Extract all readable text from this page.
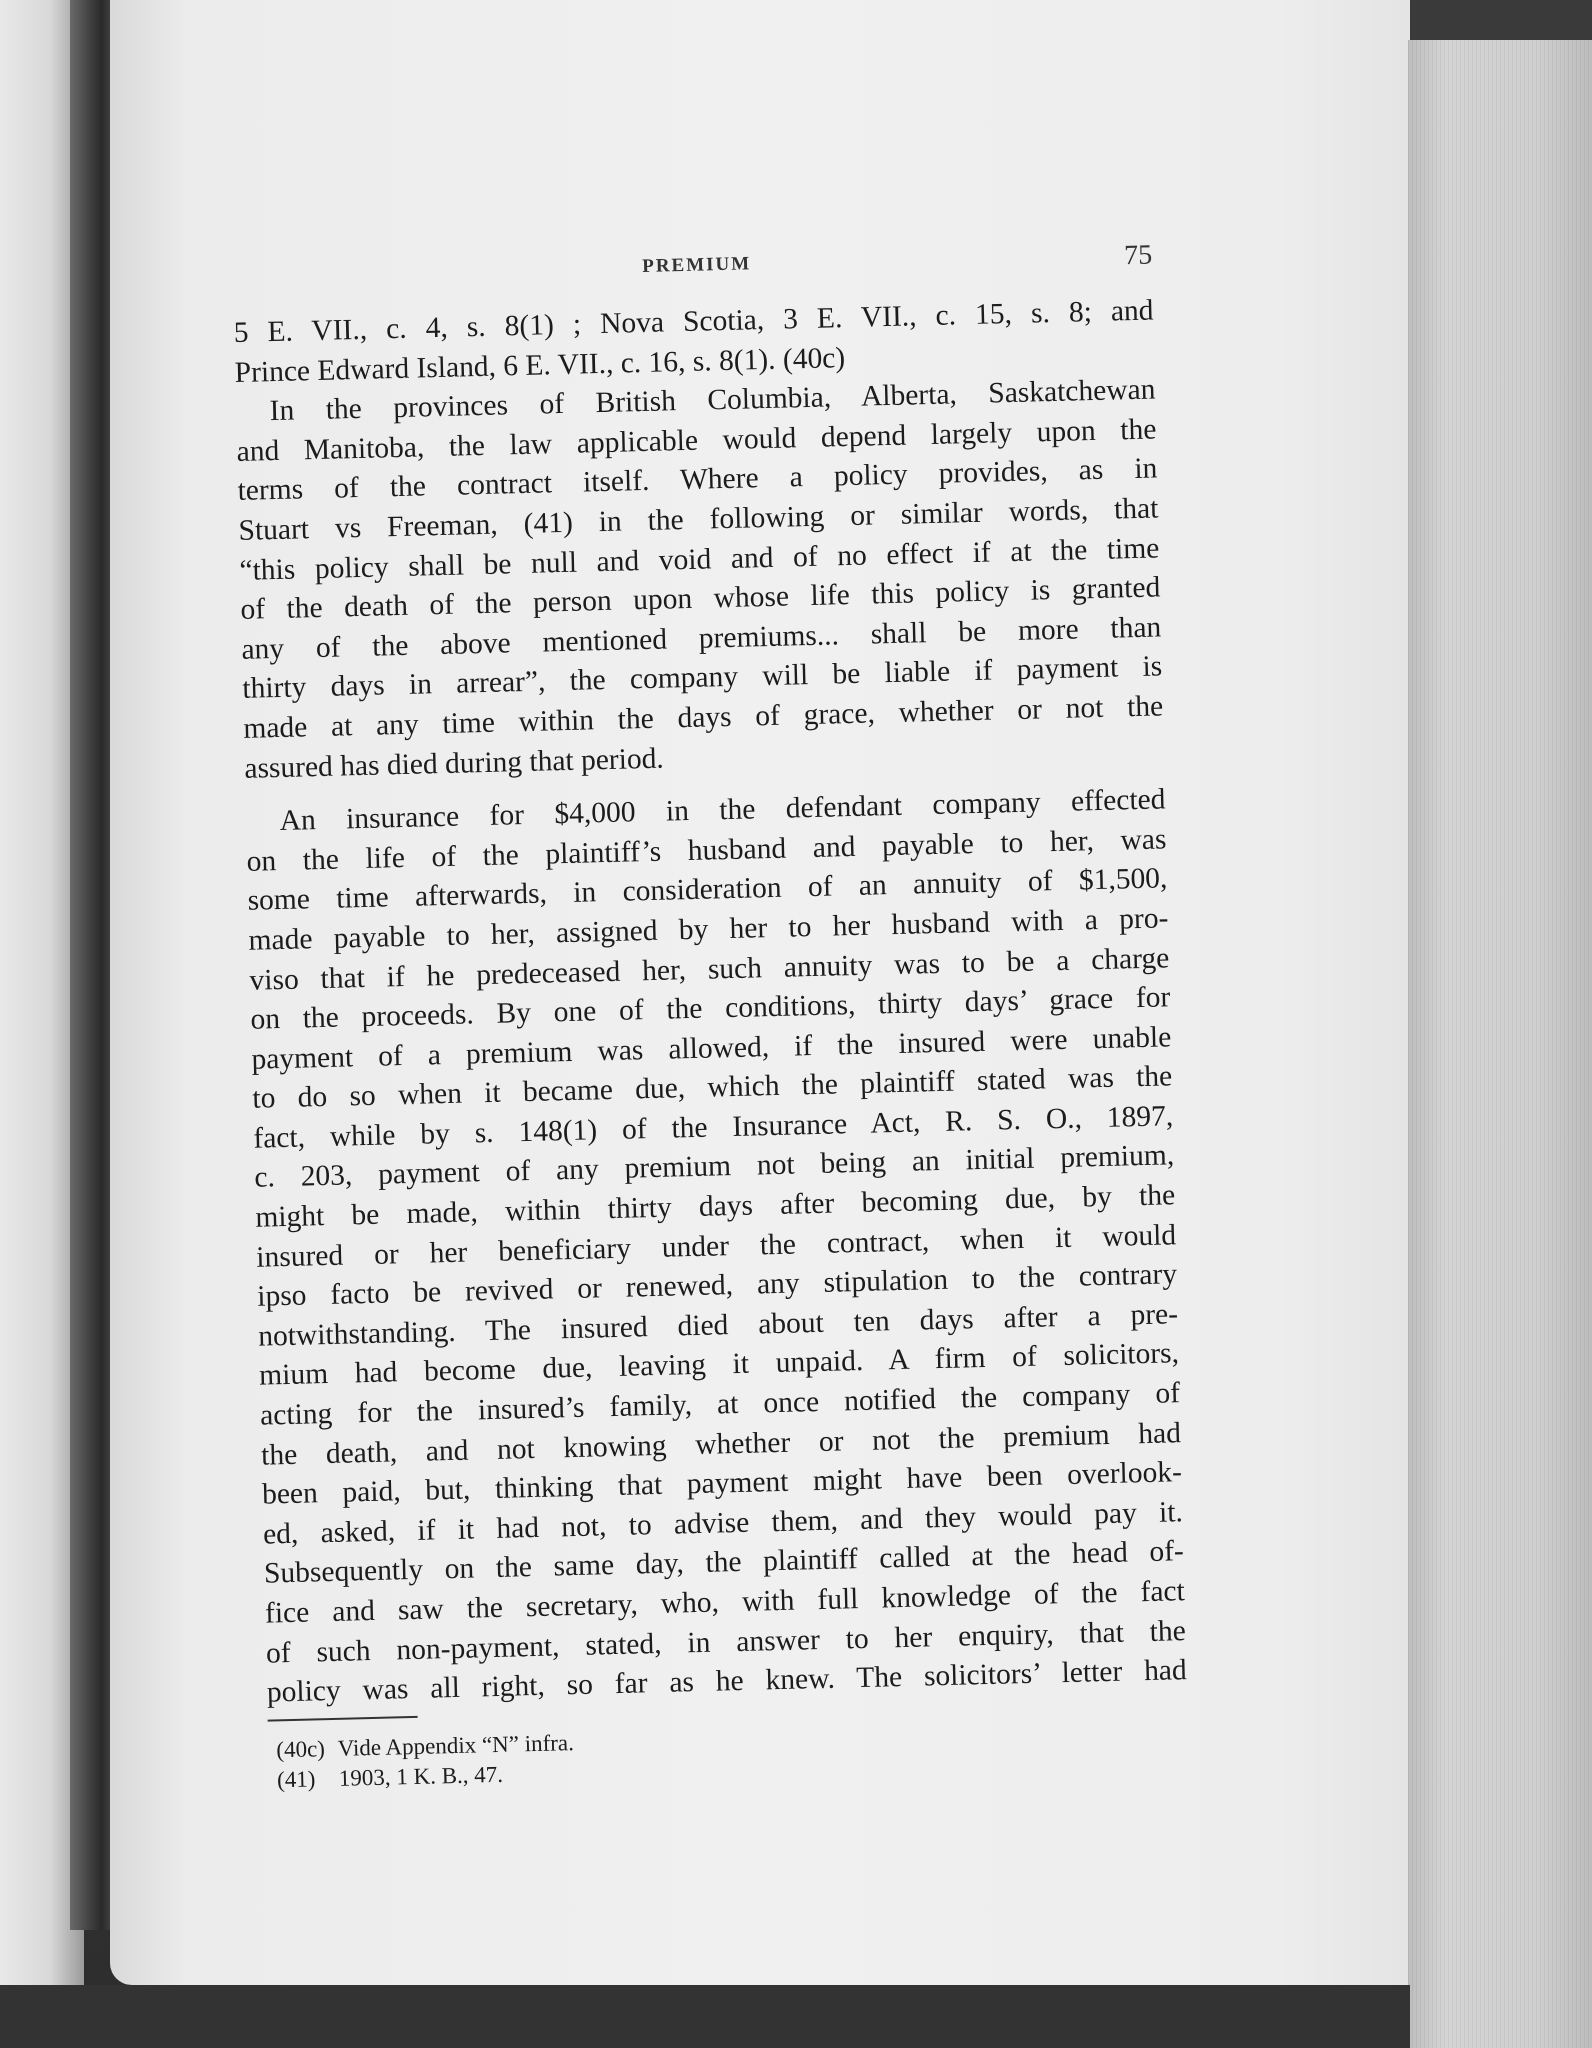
PREMIUM	75

5 E. VII., c. 4, s. 8(1) ; Nova Scotia, 3 E. VII., c. 15, s. 8; and
Prince Edward Island, 6 E. VII., c. 16, s. 8(1). (40c)

In the provinces of British Columbia, Alberta, Saskatchewan
and Manitoba, the law applicable would depend largely upon the
terms of the contract itself. Where a policy provides, as in
Stuart vs Freeman, (41) in the following or similar words, that
“this policy shall be null and void and of no effect if at the time
of the death of the person upon whose life this policy is granted
any of the above mentioned premiums... shall be more than
thirty days in arrear”, the company will be liable if payment is
made at any time within the days of grace, whether or not the
assured has died during that period.

An insurance for $4,000 in the defendant company effected
on the life of the plaintiff’s husband and payable to her, was
some time afterwards, in consideration of an annuity of $1,500,
made payable to her, assigned by her to her husband with a pro-
viso that if he predeceased her, such annuity was to be a charge
on the proceeds. By one of the conditions, thirty days’ grace for
payment of a premium was allowed, if the insured were unable
to do so when it became due, which the plaintiff stated was the
fact, while by s. 148(1) of the Insurance Act, R. S. O., 1897,
c. 203, payment of any premium not being an initial premium,
might be made, within thirty days after becoming due, by the
insured or her beneficiary under the contract, when it would
ipso facto be revived or renewed, any stipulation to the contrary
notwithstanding. The insured died about ten days after a pre-
mium had become due, leaving it unpaid. A firm of solicitors,
acting for the insured’s family, at once notified the company of
the death, and not knowing whether or not the premium had
been paid, but, thinking that payment might have been overlook-
ed, asked, if it had not, to advise them, and they would pay it.
Subsequently on the same day, the plaintiff called at the head of-
fice and saw the secretary, who, with full knowledge of the fact
of such non-payment, stated, in answer to her enquiry, that the
policy was all right, so far as he knew. The solicitors’ letter had

(40c) Vide Appendix “N” infra.
(41) 1903, 1 K. B., 47.
